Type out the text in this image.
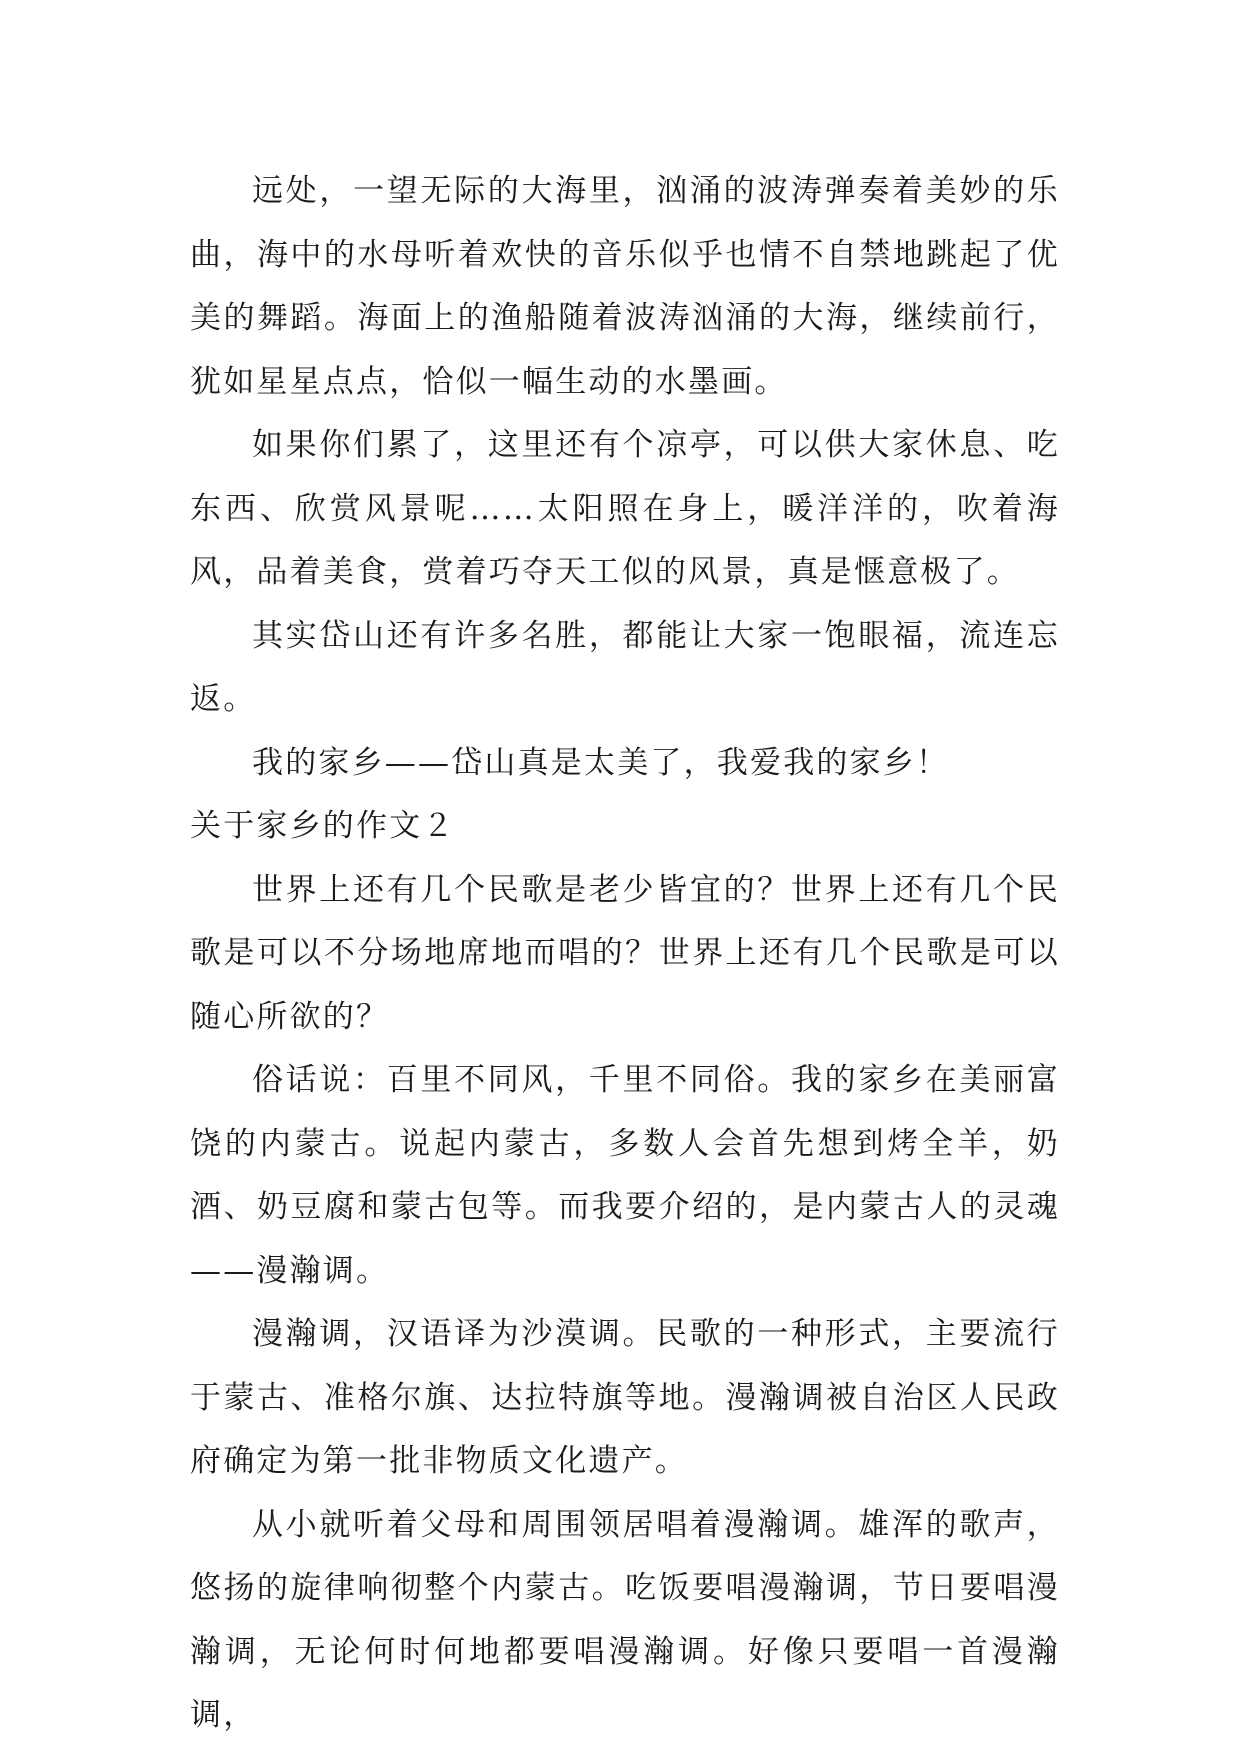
远处，一望无际的大海里，汹涌的波涛弹奏着美妙的乐曲，海中的水母听着欢快的音乐似乎也情不自禁地跳起了优美的舞蹈。海面上的渔船随着波涛汹涌的大海，继续前行，犹如星星点点，恰似一幅生动的水墨画。

如果你们累了，这里还有个凉亭，可以供大家休息、吃东西、欣赏风景呢……太阳照在身上，暖洋洋的，吹着海风，品着美食，赏着巧夺天工似的风景，真是惬意极了。

其实岱山还有许多名胜，都能让大家一饱眼福，流连忘返。

我的家乡——岱山真是太美了，我爱我的家乡！

关于家乡的作文２

世界上还有几个民歌是老少皆宜的？世界上还有几个民歌是可以不分场地席地而唱的？世界上还有几个民歌是可以随心所欲的？

俗话说：百里不同风，千里不同俗。我的家乡在美丽富饶的内蒙古。说起内蒙古，多数人会首先想到烤全羊，奶酒、奶豆腐和蒙古包等。而我要介绍的，是内蒙古人的灵魂——漫瀚调。

漫瀚调，汉语译为沙漠调。民歌的一种形式，主要流行于蒙古、准格尔旗、达拉特旗等地。漫瀚调被自治区人民政府确定为第一批非物质文化遗产。

从小就听着父母和周围领居唱着漫瀚调。雄浑的歌声，悠扬的旋律响彻整个内蒙古。吃饭要唱漫瀚调，节日要唱漫瀚调，无论何时何地都要唱漫瀚调。好像只要唱一首漫瀚调，
